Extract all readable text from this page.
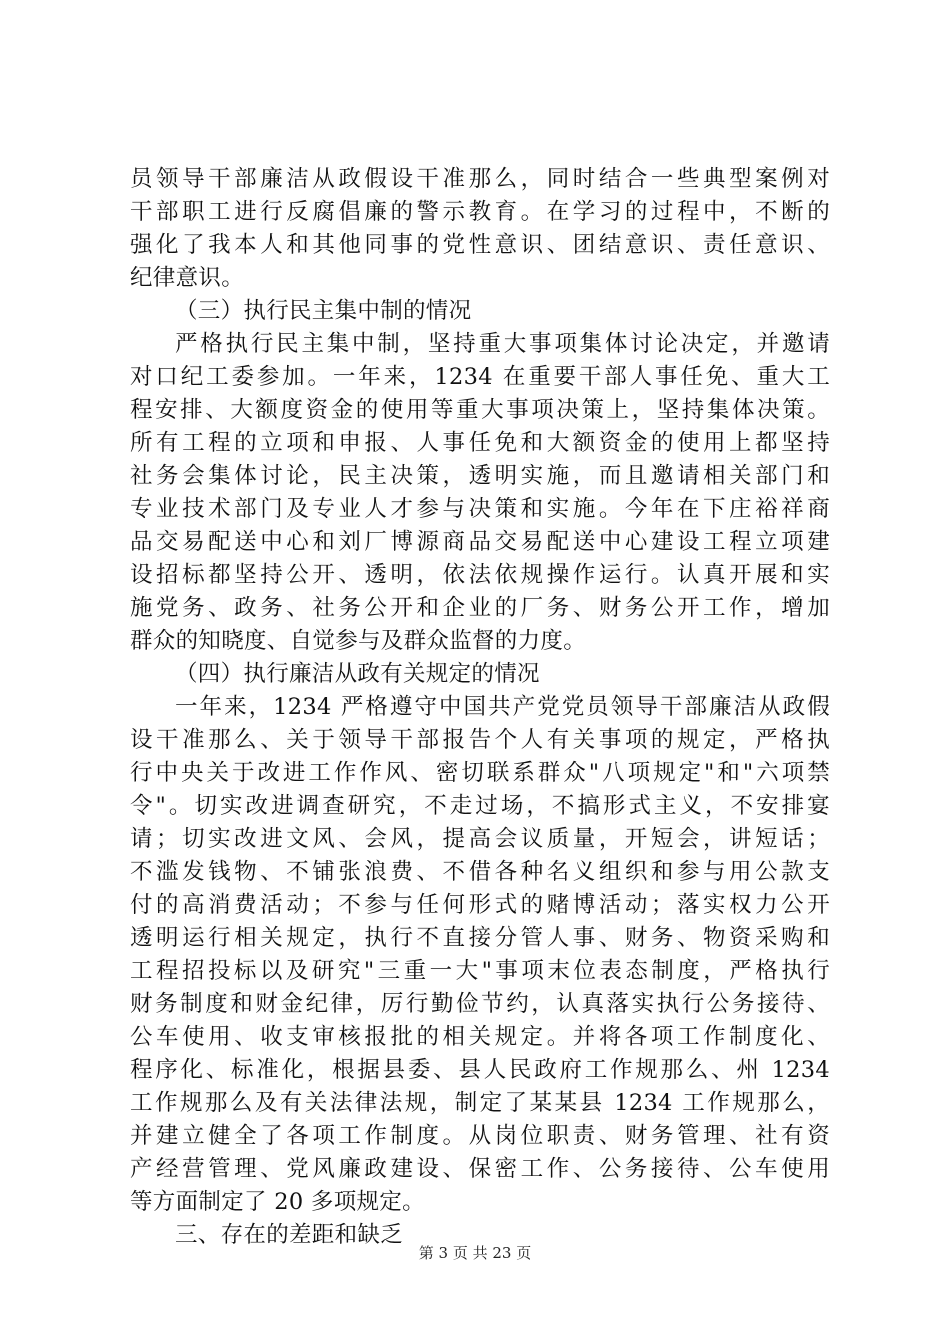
员领导干部廉洁从政假设干准那么，同时结合一些典型案例对
干部职工进行反腐倡廉的警示教育。在学习的过程中，不断的
强化了我本人和其他同事的党性意识、团结意识、责任意识、
纪律意识。
（三）执行民主集中制的情况
严格执行民主集中制，坚持重大事项集体讨论决定，并邀请
对口纪工委参加。一年来，1234 在重要干部人事任免、重大工
程安排、大额度资金的使用等重大事项决策上，坚持集体决策。
所有工程的立项和申报、人事任免和大额资金的使用上都坚持
社务会集体讨论，民主决策，透明实施，而且邀请相关部门和
专业技术部门及专业人才参与决策和实施。今年在下庄裕祥商
品交易配送中心和刘厂博源商品交易配送中心建设工程立项建
设招标都坚持公开、透明，依法依规操作运行。认真开展和实
施党务、政务、社务公开和企业的厂务、财务公开工作，增加
群众的知晓度、自觉参与及群众监督的力度。
（四）执行廉洁从政有关规定的情况
一年来，1234 严格遵守中国共产党党员领导干部廉洁从政假
设干准那么、关于领导干部报告个人有关事项的规定，严格执
行中央关于改进工作作风、密切联系群众"八项规定"和"六项禁
令"。切实改进调查研究，不走过场，不搞形式主义，不安排宴
请；切实改进文风、会风，提高会议质量，开短会，讲短话；
不滥发钱物、不铺张浪费、不借各种名义组织和参与用公款支
付的高消费活动；不参与任何形式的赌博活动；落实权力公开
透明运行相关规定，执行不直接分管人事、财务、物资采购和
工程招投标以及研究"三重一大"事项末位表态制度，严格执行
财务制度和财金纪律，厉行勤俭节约，认真落实执行公务接待、
公车使用、收支审核报批的相关规定。并将各项工作制度化、
程序化、标准化，根据县委、县人民政府工作规那么、州 1234
工作规那么及有关法律法规，制定了某某县 1234 工作规那么，
并建立健全了各项工作制度。从岗位职责、财务管理、社有资
产经营管理、党风廉政建设、保密工作、公务接待、公车使用
等方面制定了 20 多项规定。
三、存在的差距和缺乏
第 3 页 共 23 页
